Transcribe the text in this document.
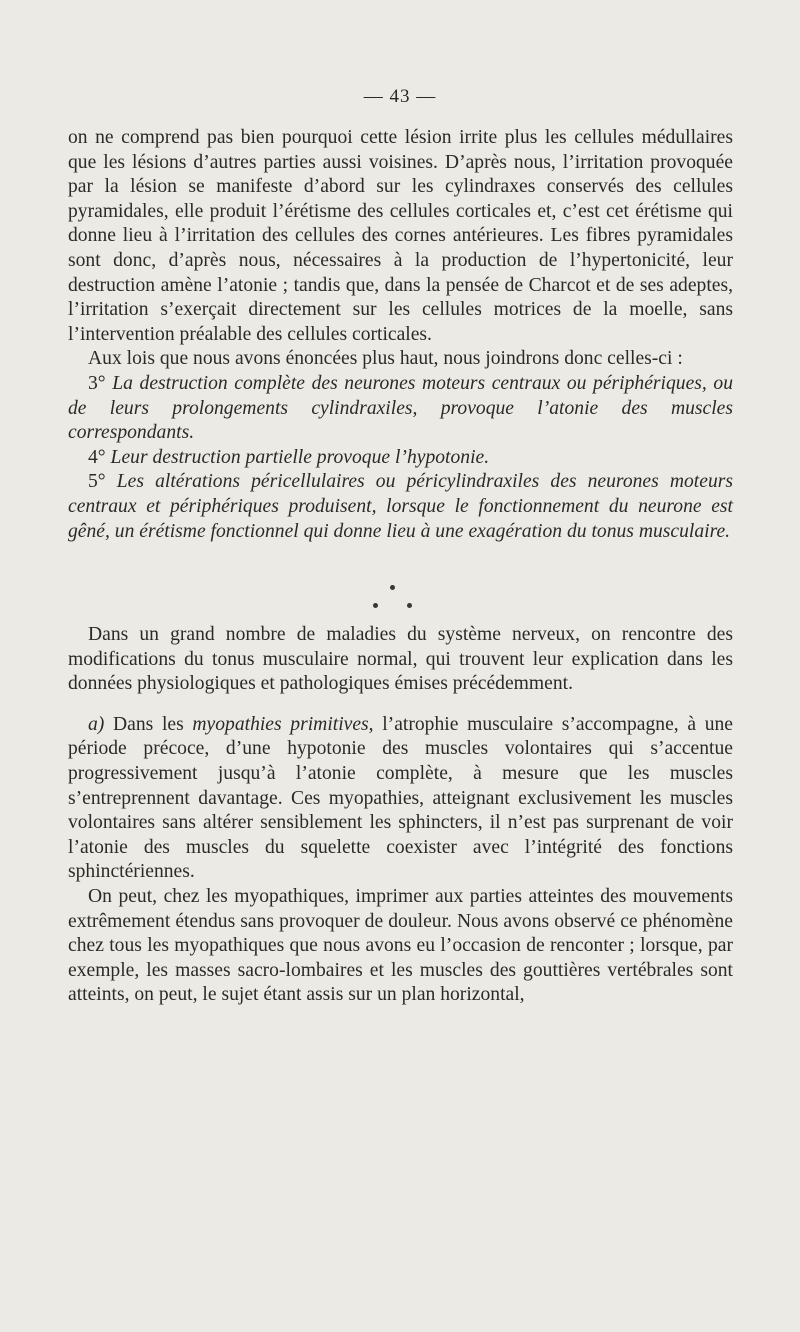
— 43 —

on ne comprend pas bien pourquoi cette lésion irrite plus les cellules médullaires que les lésions d’autres parties aussi voisines. D’après nous, l’irritation provoquée par la lésion se manifeste d’abord sur les cylindraxes conservés des cellules pyramidales, elle produit l’érétisme des cellules corticales et, c’est cet érétisme qui donne lieu à l’irritation des cellules des cornes antérieures. Les fibres pyramidales sont donc, d’après nous, nécessaires à la production de l’hypertonicité, leur destruction amène l’atonie ; tandis que, dans la pensée de Charcot et de ses adeptes, l’irritation s’exerçait directement sur les cellules motrices de la moelle, sans l’intervention préalable des cellules corticales.

Aux lois que nous avons énoncées plus haut, nous joindrons donc celles-ci :

3° La destruction complète des neurones moteurs centraux ou périphériques, ou de leurs prolongements cylindraxiles, provoque l’atonie des muscles correspondants.

4° Leur destruction partielle provoque l’hypotonie.

5° Les altérations péricellulaires ou péricylindraxiles des neurones moteurs centraux et périphériques produisent, lorsque le fonctionnement du neurone est gêné, un érétisme fonctionnel qui donne lieu à une exagération du tonus musculaire.

Dans un grand nombre de maladies du système nerveux, on rencontre des modifications du tonus musculaire normal, qui trouvent leur explication dans les données physiologiques et pathologiques émises précédemment.

a) Dans les myopathies primitives, l’atrophie musculaire s’accompagne, à une période précoce, d’une hypotonie des muscles volontaires qui s’accentue progressivement jusqu’à l’atonie complète, à mesure que les muscles s’entreprennent davantage. Ces myopathies, atteignant exclusivement les muscles volontaires sans altérer sensiblement les sphincters, il n’est pas surprenant de voir l’atonie des muscles du squelette coexister avec l’intégrité des fonctions sphinctériennes.

On peut, chez les myopathiques, imprimer aux parties atteintes des mouvements extrêmement étendus sans provoquer de douleur. Nous avons observé ce phénomène chez tous les myopathiques que nous avons eu l’occasion de renconter ; lorsque, par exemple, les masses sacro-lombaires et les muscles des gouttières vertébrales sont atteints, on peut, le sujet étant assis sur un plan horizontal,
